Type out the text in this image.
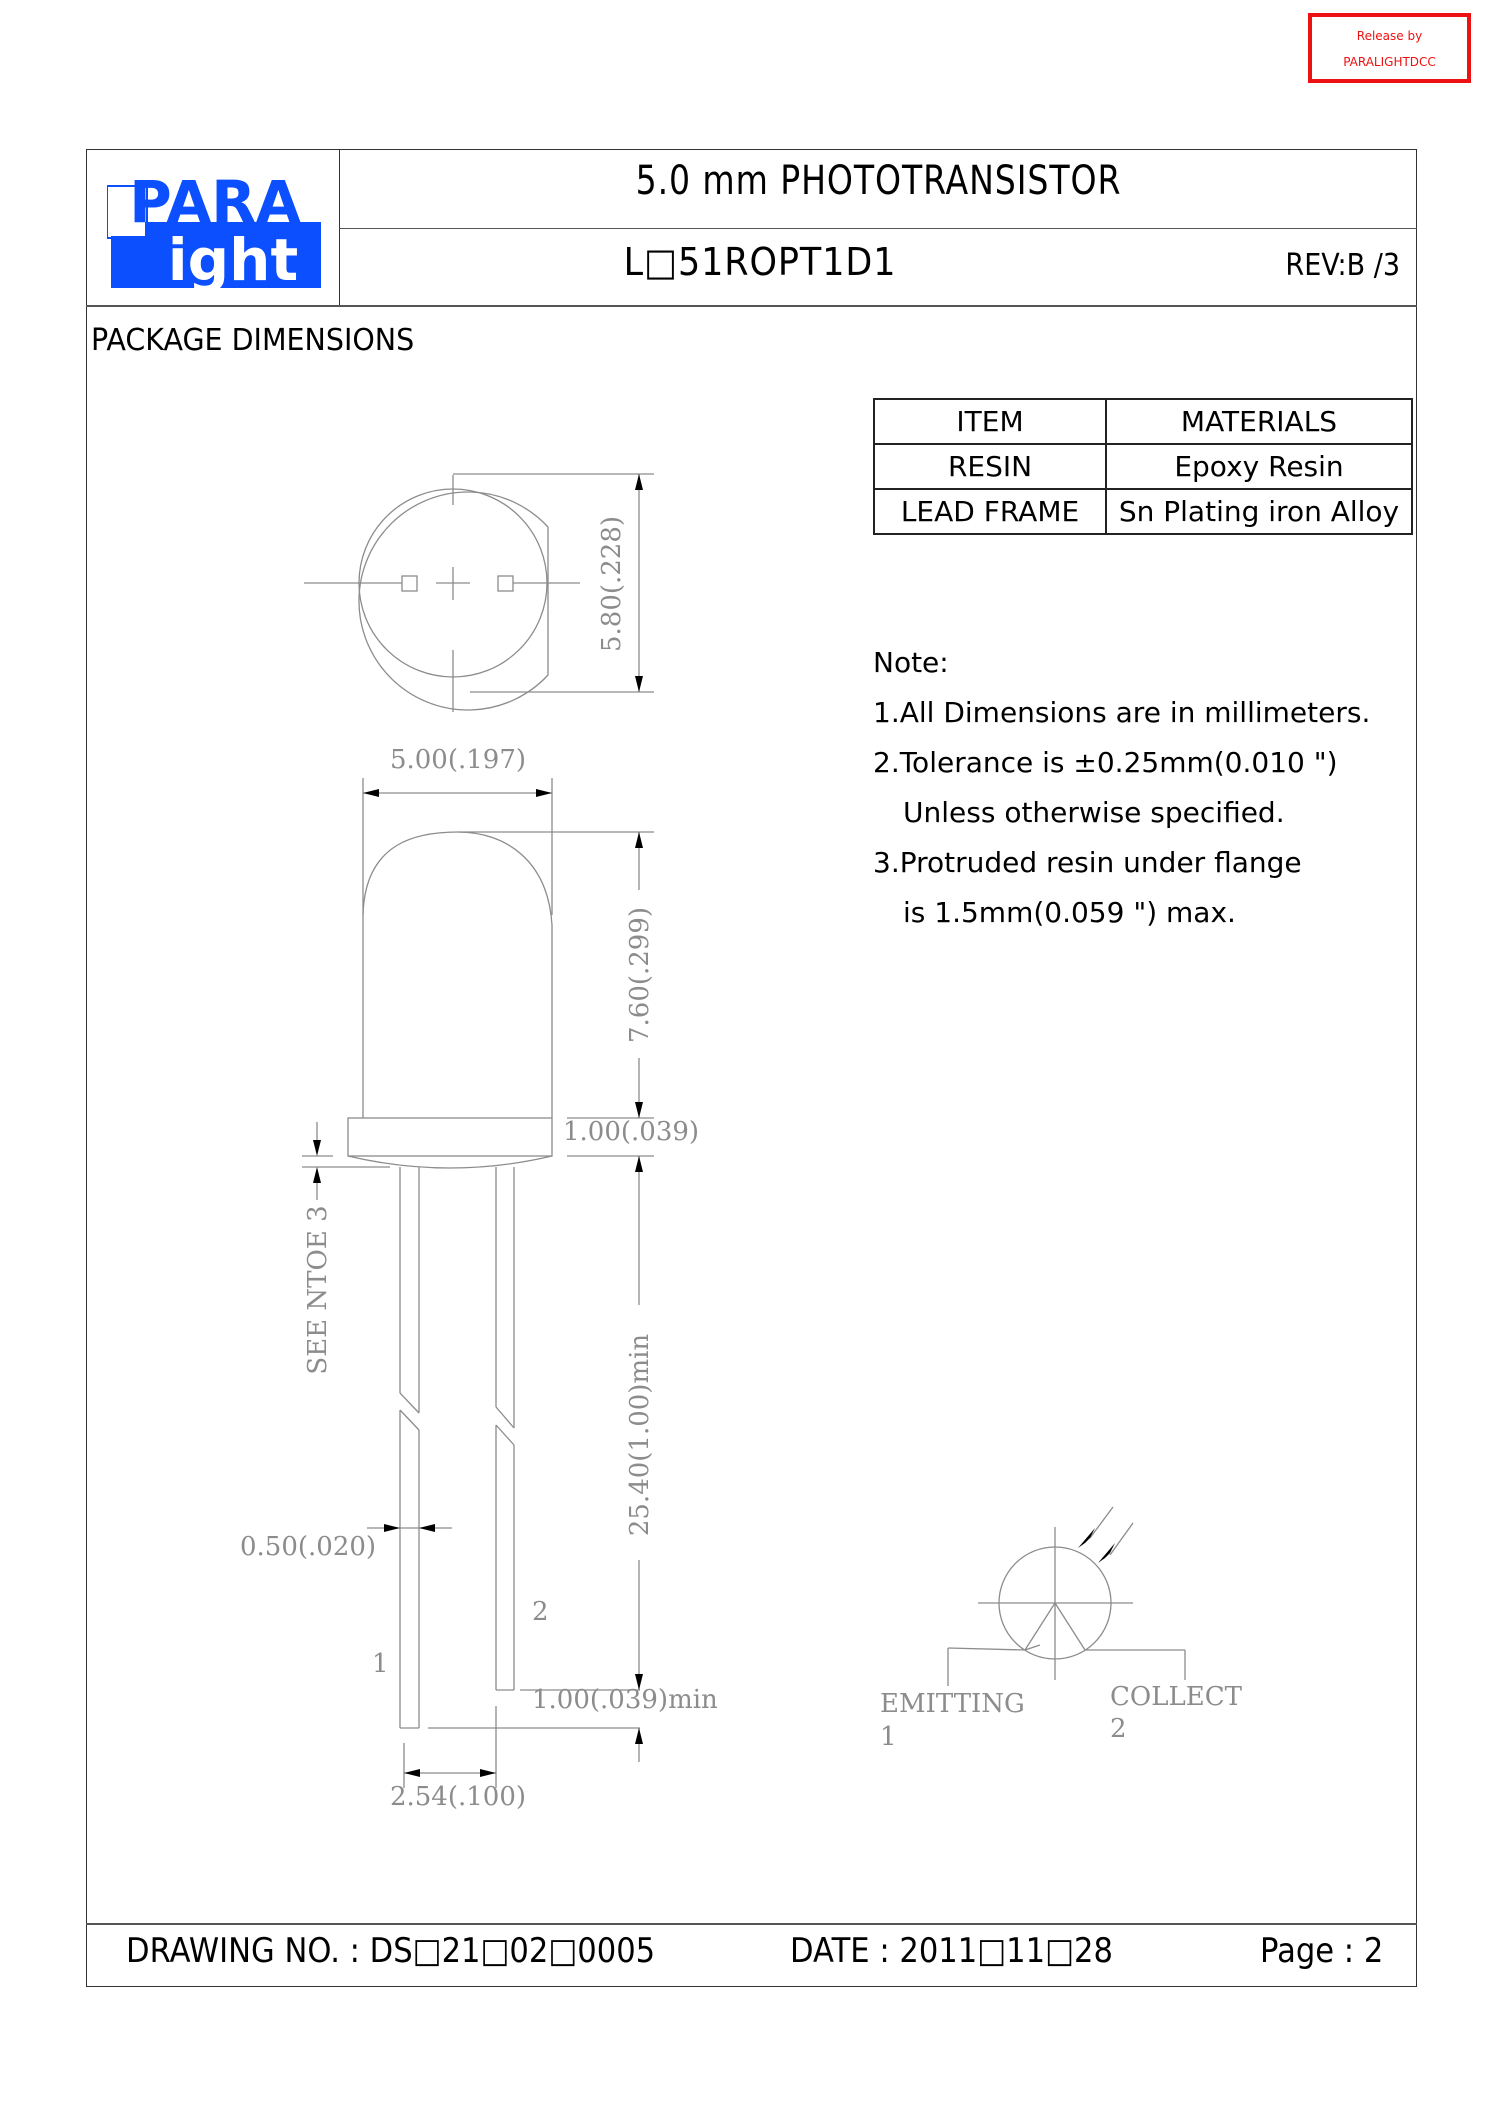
Release by
PARALIGHTDCC
PARA
ight
5.0 mm PHOTOTRANSISTOR
L□51ROPT1D1	REV:B /3
PACKAGE DIMENSIONS
ITEM	MATERIALS
RESIN	Epoxy Resin
LEAD FRAME	Sn Plating iron Alloy
Note:
1.All Dimensions are in millimeters.
2.Tolerance is ±0.25mm(0.010 ")
Unless otherwise specified.
3.Protruded resin under flange
is 1.5mm(0.059 ") max.
5.80(.228)
5.00(.197)
7.60(.299)
1.00(.039)
SEE NTOE 3
25.40(1.00)min
0.50(.020)
1.00(.039)min
2.54(.100)
1
2
EMITTING
1
COLLECT
2
DRAWING NO. : DS□21□02□0005	DATE : 2011□11□28	Page : 2
